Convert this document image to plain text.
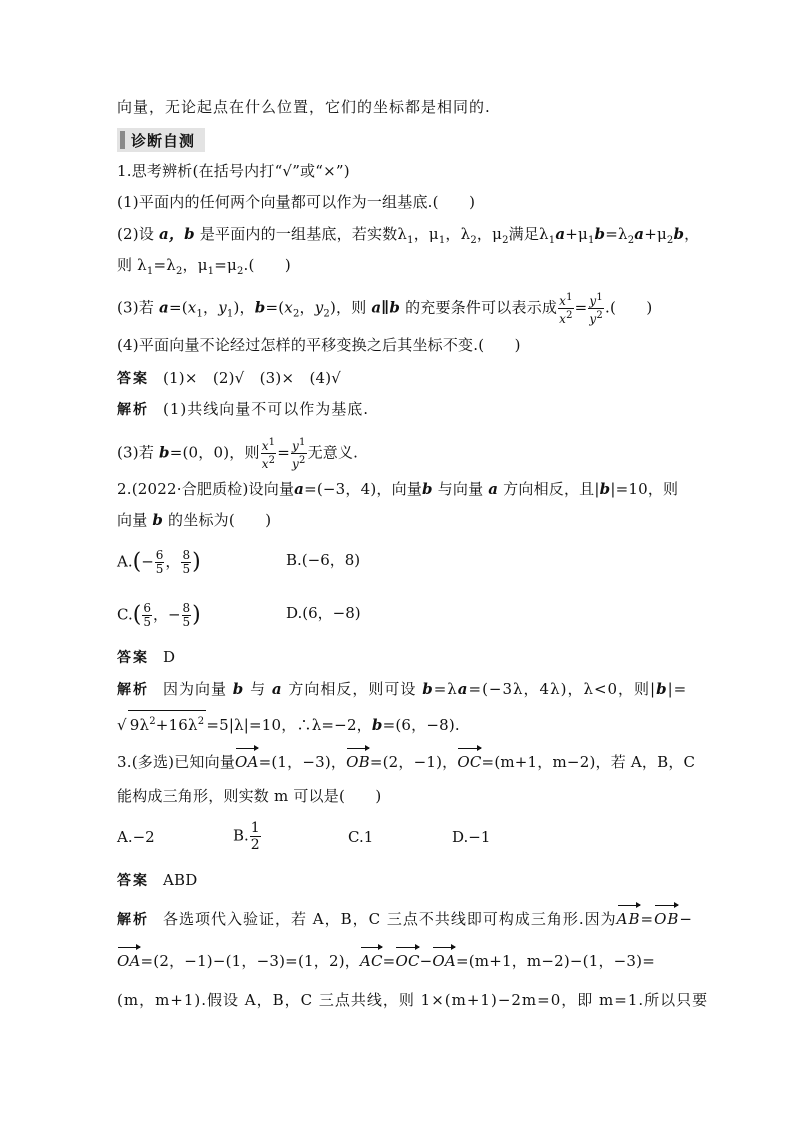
向量，无论起点在什么位置，它们的坐标都是相同的.
诊断自测
1.思考辨析(在括号内打“√”或“×”)
(1)平面内的任何两个向量都可以作为一组基底.(　　)
(2)设 a，b 是平面内的一组基底，若实数$\lambda_1$，$\mu_1$，$\lambda_2$，$\mu_2$满足$\lambda_1a+\mu_1b=\lambda_2a+\mu_2b$，
则 $\lambda_1=\lambda_2$，$\mu_1=\mu_2$.(　　)
(3)若 $a=(x_1$，$y_1$)，$b=(x_2$，$y_2$)，则 a∥b 的充要条件可以表示成 $\frac{x^1}{x^2} = \frac{y^1}{y^2}$ .(　　)
(4)平面向量不论经过怎样的平移变换之后其坐标不变.(　　)
答案 (1)×　(2)√　(3)×　(4)√
解析 (1)共线向量不可以作为基底.
(3)若 b=(0，0)，则 $\frac{x^1}{x^2} = \frac{y^1}{y^2}$ 无意义.
2.(2022·合肥质检)设向量a=(−3，4)，向量b 与向量 a 方向相反，且|b|=10，则
向量 b 的坐标为(　　)
$A.(- \frac{6}{5}$ ， $\frac{8}{5}$ )	B.(−6，8)
$C.( \frac{6}{5}$ ，− $\frac{8}{5}$ )	D.(6，−8)
答案 D
解析 因为向量 b 与 a 方向相反，则可设 b=λa=(−3λ，4λ)，λ<0，则|b|=
√ $9\lambda^2+16\lambda^2 =5|\lambda|=10$，∴λ=−2，b=(6，−8).
3.(多选)已知向量OA=(1，−3)，OB=(2，−1)，OC=(m+1，m−2)，若 A，B，C
能构成三角形，则实数 m 可以是(　　)
A.−2	B. $\frac{1}{2}$	C.1	D.−1
答案 ABD
解析 各选项代入验证，若 A，B，C 三点不共线即可构成三角形.因为AB=OB−
OA=(2，−1)−(1，−3)=(1，2)，AC=OC−OA=(m+1，m−2)−(1，−3)=
(m，m+1).假设 A，B，C 三点共线，则 1×(m+1)−2m=0，即 m=1.所以只要
